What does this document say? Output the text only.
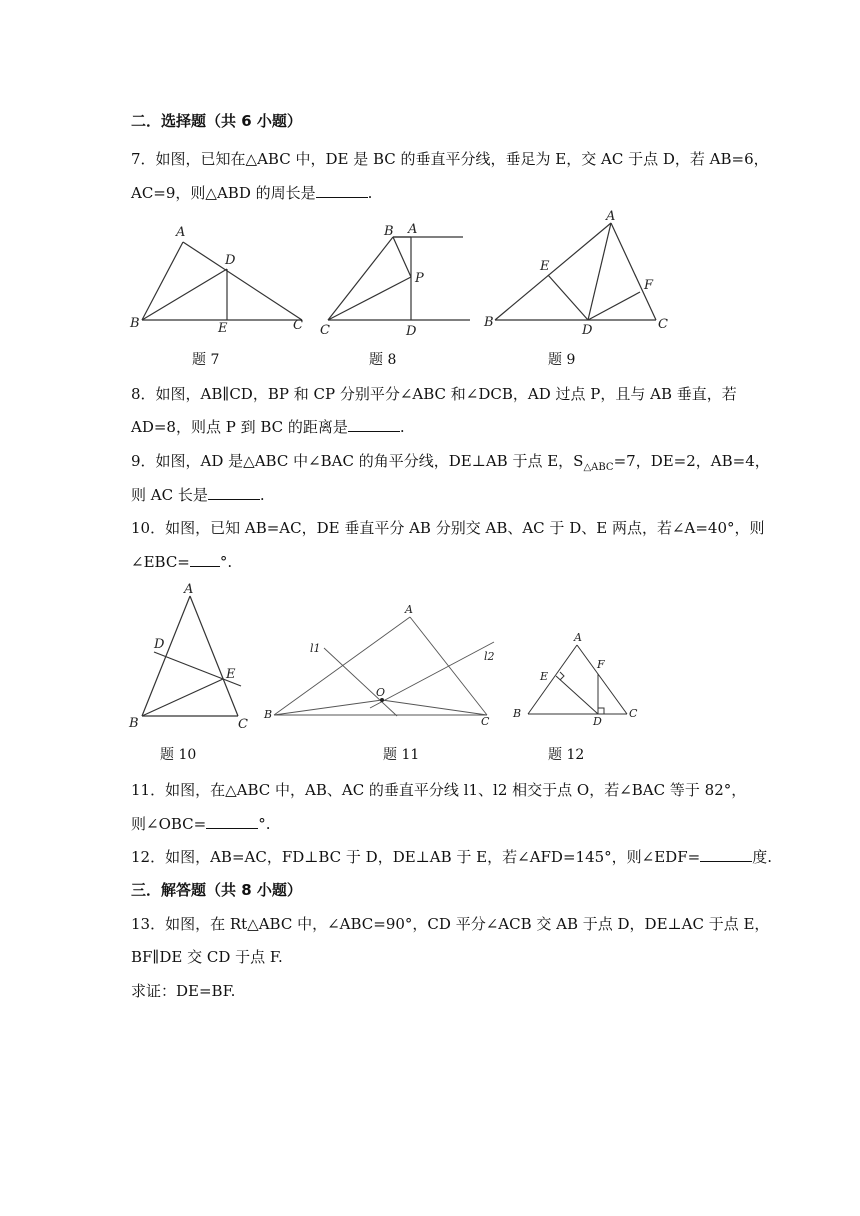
二．选择题（共 6 小题）
7．如图，已知在△ABC 中，DE 是 BC 的垂直平分线，垂足为 E，交 AC 于点 D，若 AB=6，
AC=9，则△ABD 的周长是	.
A
B	C
D
E
B A
P
C	D
A
E
F
B
D	C
题 7	题 8	题 9
8．如图，AB∥CD，BP 和 CP 分别平分∠ABC 和∠DCB，AD 过点 P，且与 AB 垂直，若
AD=8，则点 P 到 BC 的距离是	.
9．如图，AD 是△ABC 中∠BAC 的角平分线，DE⊥AB 于点 E，$S_{\triangle ABC}=7$，DE=2，AB=4，
则 AC 长是	.
10．如图，已知 AB=AC，DE 垂直平分 AB 分别交 AB、AC 于 D、E 两点，若∠A=40°，则
∠EBC= °.
A
D
E
B	C
A
l1
l2
O
B
C
A
E
F
B
D
C
题 10	题 11	题 12
11．如图，在△ABC 中，AB、AC 的垂直平分线 l1、l2 相交于点 O，若∠BAC 等于 82°，
则∠OBC=	°.
12．如图，AB=AC，FD⊥BC 于 D，DE⊥AB 于 E，若∠AFD=145°，则∠EDF=	度.
三．解答题（共 8 小题）
13．如图，在 Rt△ABC 中，∠ABC=90°，CD 平分∠ACB 交 AB 于点 D，DE⊥AC 于点 E，
BF∥DE 交 CD 于点 F.
求证：DE=BF.
